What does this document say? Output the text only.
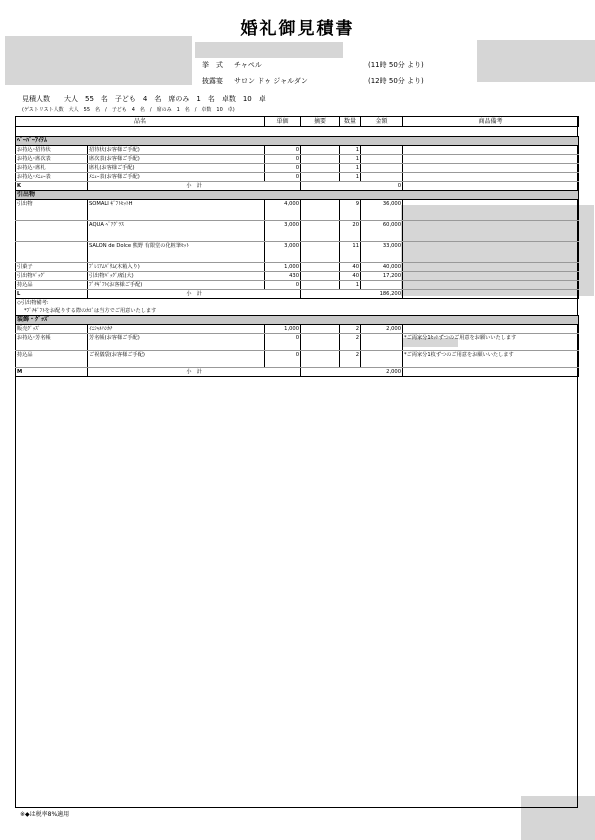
婚礼御見積書
挙　式 チャペル	(11時 50分 より)
披露宴 サロン ドゥ ジャルダン	(12時 50分 より)
見積人数　　大人　55　名　子ども　4　名　席のみ　1　名　卓数　10　卓
(ゲストリスト人数　大人　55　名　/　子ども　4　名　/　席のみ　1　名　/　卓数　10　卓)
品名		単価	摘要	数量	金額	商品備考

ﾍﾟｰﾊﾟｰｱｲﾃﾑ						
お持込･招待状	招待状(お客様ご手配)	0		1		
お持込･席次表	席次表(お客様ご手配)	0		1		
お持込･席札	席札(お客様ご手配)	0		1		
お持込･ﾒﾆｭｰ表	ﾒﾆｭｰ表(お客様ご手配)	0		1		
K	小　計		0			
引出物						
引出物	SOMALI ｷﾞﾌﾄｾｯﾄH	4,000		9	36,000	
	AQUA ﾍﾟｱｸﾞﾗｽ	3,000		20	60,000	
	SALON de Dolce 熊野 有限堂の化粧筆ｾｯﾄ	3,000		11	33,000	
引菓子	ﾌﾟﾚﾐｱﾑﾊﾞｳﾑ(木箱入り)	1,000		40	40,000	
引出物ﾊﾞｯｸﾞ	引出物ﾊﾞｯｸﾞ/紙(大)	430		40	17,200	
持込品	ﾌﾟﾁｷﾞﾌﾄ(お客様ご手配)	0		1		
L	小　計		186,200			
◇引出物備考:						
*ﾌﾟﾁｷﾞﾌﾄをお配りする際のｶｺﾞは当方でご用意いたします						
装飾・ｸﾞｯｽﾞ						
販売ｸﾞｯｽﾞ	ｲﾆｼｬﾙﾊﾝｶﾁ	1,000		2	2,000	
お持込･芳名帳	芳名帳(お客様ご手配)	0		2		*ご両家分1ｾｯﾄずつのご用意をお願いいたします
持込品	ご祝儀袋(お客様ご手配)	0		2		*ご両家分1枚ずつのご用意をお願いいたします
M	小　計		2,000			
※◆は税率8%適用
